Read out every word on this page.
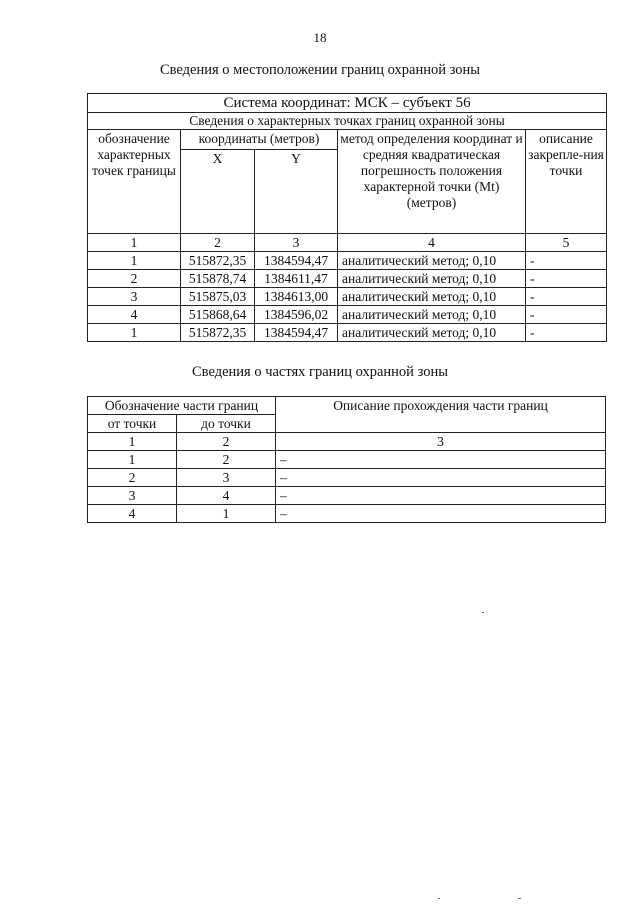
18
Сведения о местоположении границ охранной зоны
Система координат: МСК – субъект 56				
Сведения о характерных точках границ охранной зоны				
обозначение характерных точек границы	координаты (метров)		метод определения координат и средняя квадратическая погрешность положения характерной точки (Mt) (метров)	описание закрепле-ния точки
	X	Y		
1	2	3	4	5
1	515872,35	1384594,47	аналитический метод; 0,10	-
2	515878,74	1384611,47	аналитический метод; 0,10	-
3	515875,03	1384613,00	аналитический метод; 0,10	-
4	515868,64	1384596,02	аналитический метод; 0,10	-
1	515872,35	1384594,47	аналитический метод; 0,10	-
Сведения о частях границ охранной зоны
Обозначение части границ		Описание прохождения части границ
от точки	до точки	
1	2	3
1	2	–
2	3	–
3	4	–
4	1	–
